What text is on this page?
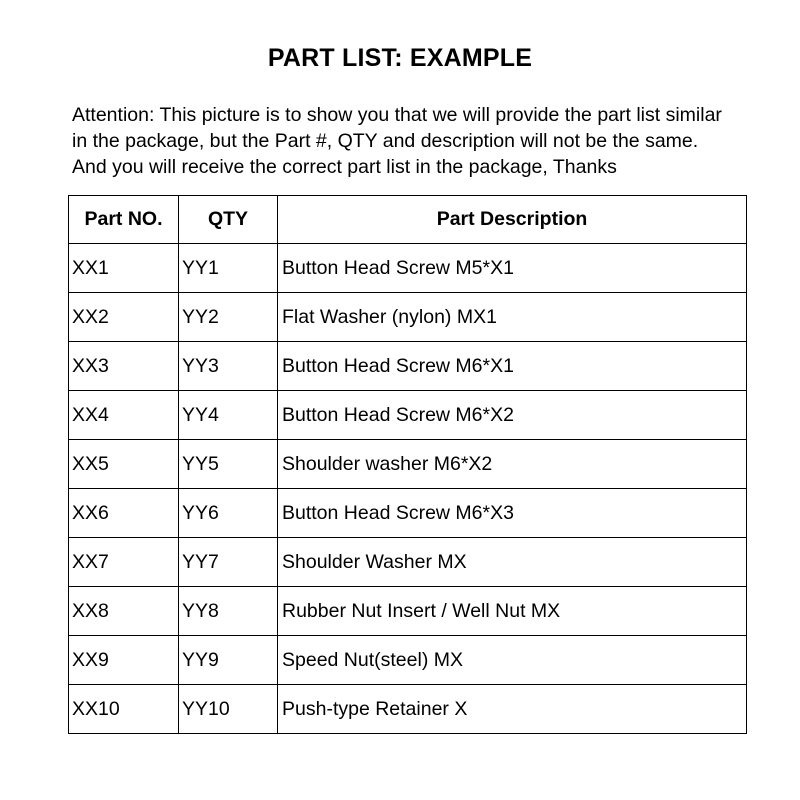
PART LIST: EXAMPLE
Attention: This picture is to show you that we will provide the part list similar
in the package, but the Part #, QTY and description will not be the same.
And you will receive the correct part list in the package, Thanks
Part NO.	QTY	Part Description
XX1	YY1	Button Head Screw M5*X1
XX2	YY2	Flat Washer (nylon) MX1
XX3	YY3	Button Head Screw M6*X1
XX4	YY4	Button Head Screw M6*X2
XX5	YY5	Shoulder washer M6*X2
XX6	YY6	Button Head Screw M6*X3
XX7	YY7	Shoulder Washer MX
XX8	YY8	Rubber Nut Insert / Well Nut MX
XX9	YY9	Speed Nut(steel) MX
XX10	YY10	Push-type Retainer X
